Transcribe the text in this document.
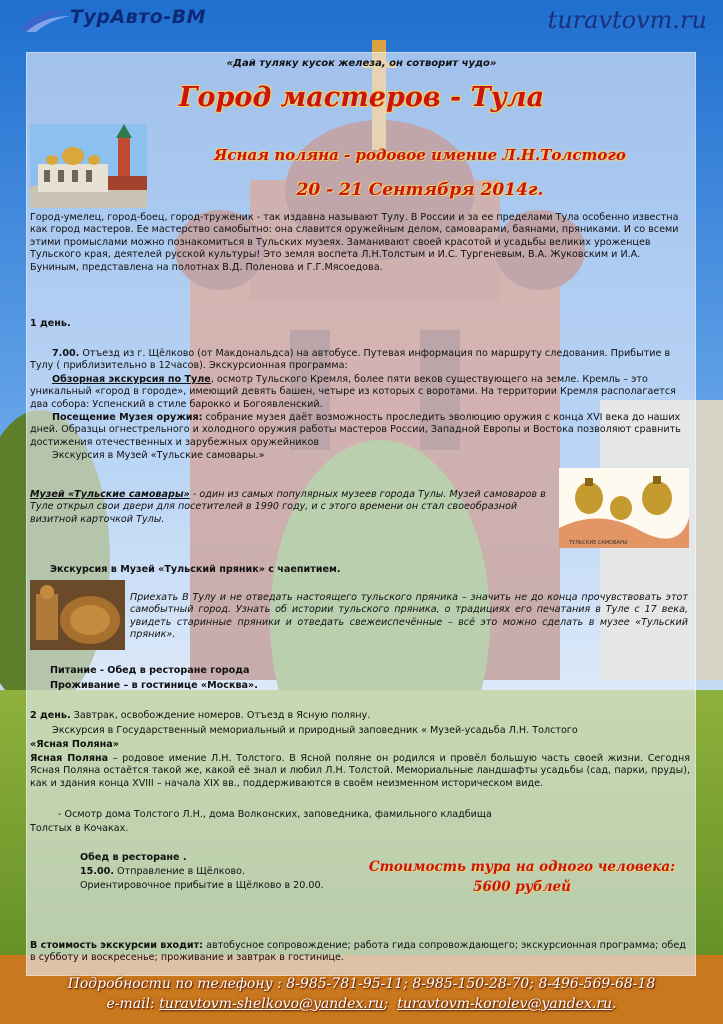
ТурАвто-ВМ	turavtovm.ru
«Дай туляку кусок железа, он сотворит чудо»
Город мастеров - Тула
Ясная поляна - родовое имение Л.Н.Толстого
20 - 21 Сентября 2014г.
Город-умелец, город-боец, город-труженик - так издавна называют Тулу. В России и за ее пределами Тула особенно известна как город мастеров. Ее мастерство самобытно: она славится оружейным делом, самоварами, баянами, пряниками. И со всеми этими промыслами можно познакомиться в Тульских музеях. Заманивают своей красотой и усадьбы великих уроженцев Тульского края, деятелей русской культуры! Это земля воспета Л.Н.Толстым и И.С. Тургеневым, В.А. Жуковским и И.А. Буниным, представлена на полотнах В.Д. Поленова и Г.Г.Мясоедова.
1 день.
7.00. Отъезд из г. Щёлково (от Макдональдса) на автобусе. Путевая информация по маршруту следования. Прибытие в Тулу ( приблизительно в 12часов). Экскурсионная программа:
Обзорная экскурсия по Туле, осмотр Тульского Кремля, более пяти веков существующего на земле. Кремль – это уникальный «город в городе», имеющий девять башен, четыре из которых с воротами. На территории Кремля располагается два собора: Успенский в стиле барокко и Богоявленский.
Посещение Музея оружия: собрание музея даёт возможность проследить эволюцию оружия с конца XVI века до наших дней. Образцы огнестрельного и холодного оружия работы мастеров России, Западной Европы и Востока позволяют сравнить достижения отечественных и зарубежных оружейников
Экскурсия в Музей «Тульские самовары.»
Музей «Тульские самовары» - один из самых популярных музеев города Тулы. Музей самоваров в Туле открыл свои двери для посетителей в 1990 году, и с этого времени он стал своеобразной визитной карточкой Тулы.
ТУЛЬСКИЕ САМОВАРЫ
Экскурсия в Музей «Тульский пряник» с чаепитием.
Приехать В Тулу и не отведать настоящего тульского пряника – значить не до конца прочувствовать этот самобытный город. Узнать об истории тульского пряника, о традициях его печатания в Туле с 17 века, увидеть старинные пряники и отведать свежеиспечённые – всё это можно сделать в музее «Тульский пряник».
Питание - Обед в ресторане города
Проживание – в гостинице «Москва».
2 день. Завтрак, освобождение номеров. Отъезд в Ясную поляну.
Экскурсия в Государственный мемориальный и природный заповедник « Музей-усадьба Л.Н. Толстого
«Ясная Поляна»
Ясная Поляна – родовое имение Л.Н. Толстого. В Ясной поляне он родился и провёл большую часть своей жизни. Сегодня Ясная Поляна остаётся такой же, какой её знал и любил Л.Н. Толстой. Мемориальные ландшафты усадьбы (сад, парки, пруды), как и здания конца XVIII – начала XIX вв., поддерживаются в своём неизменном историческом виде.
- Осмотр дома Толстого Л.Н., дома Волконских, заповедника, фамильного кладбища
Толстых в Кочаках.
Обед в ресторане .
15.00. Отправление в Щёлково.
Ориентировочное прибытие в Щёлково в 20.00.
Стоимость тура на одного человека:
5600 рублей
В стоимость экскурсии входит: автобусное сопровождение; работа гида сопровождающего; экскурсионная программа; обед в субботу и воскресенье; проживание и завтрак в гостинице.
Подробности по телефону : 8-985-781-95-11; 8-985-150-28-70; 8-496-569-68-18
e-mail: turavtovm-shelkovo@yandex.ru;  turavtovm-korolev@yandex.ru.
